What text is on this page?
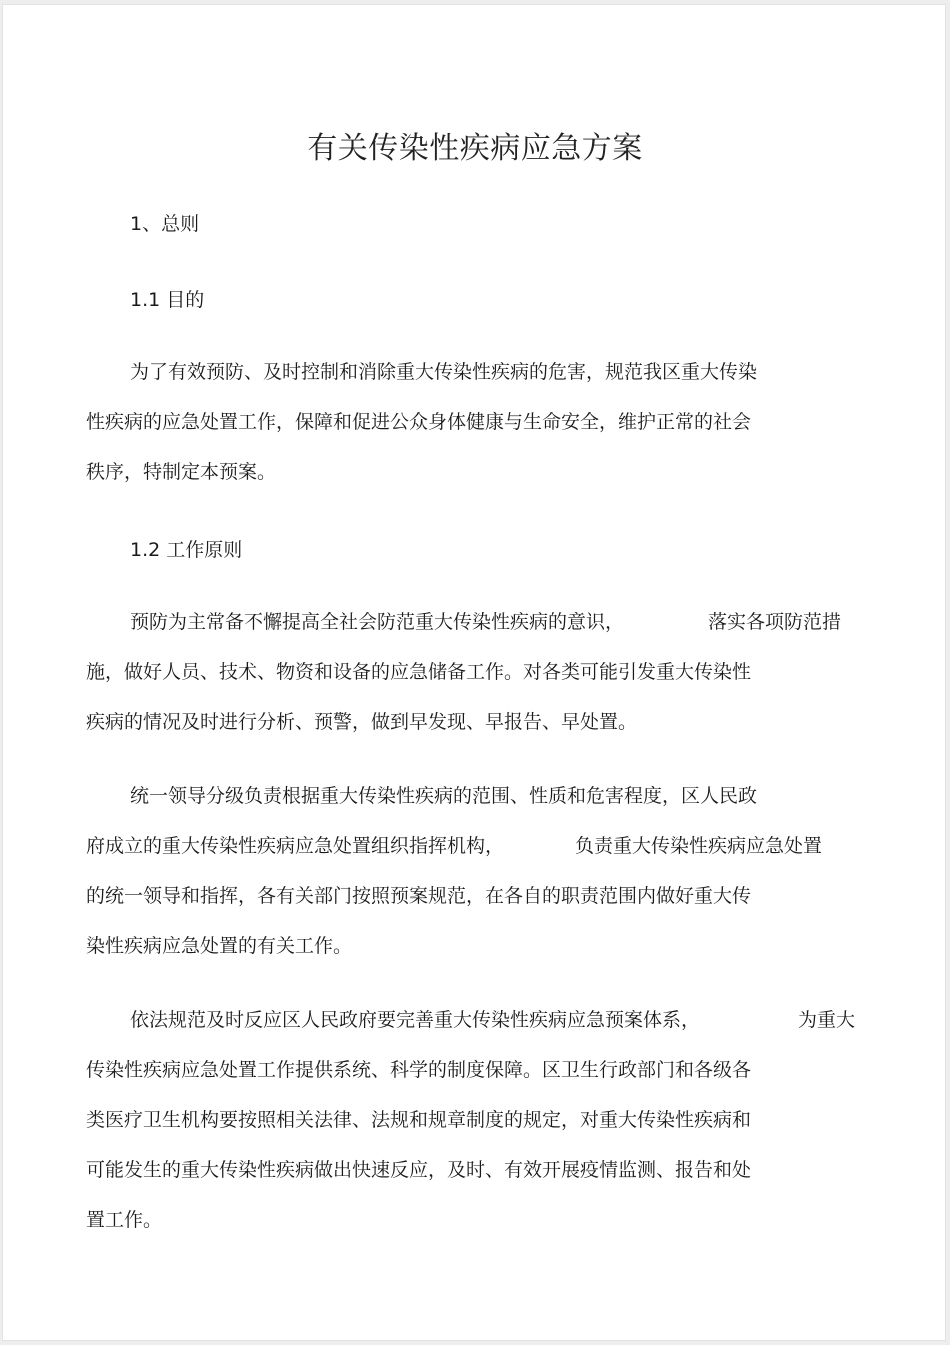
有关传染性疾病应急方案

1、总则

1.1 目的

为了有效预防、及时控制和消除重大传染性疾病的危害，规范我区重大传染

性疾病的应急处置工作，保障和促进公众身体健康与生命安全，维护正常的社会

秩序，特制定本预案。

1.2 工作原则

预防为主常备不懈提高全社会防范重大传染性疾病的意识，	落实各项防范措

施，做好人员、技术、物资和设备的应急储备工作。对各类可能引发重大传染性

疾病的情况及时进行分析、预警，做到早发现、早报告、早处置。

统一领导分级负责根据重大传染性疾病的范围、性质和危害程度，区人民政

府成立的重大传染性疾病应急处置组织指挥机构，	负责重大传染性疾病应急处置

的统一领导和指挥，各有关部门按照预案规范，在各自的职责范围内做好重大传

染性疾病应急处置的有关工作。

依法规范及时反应区人民政府要完善重大传染性疾病应急预案体系，	为重大

传染性疾病应急处置工作提供系统、科学的制度保障。区卫生行政部门和各级各

类医疗卫生机构要按照相关法律、法规和规章制度的规定，对重大传染性疾病和

可能发生的重大传染性疾病做出快速反应，及时、有效开展疫情监测、报告和处

置工作。
